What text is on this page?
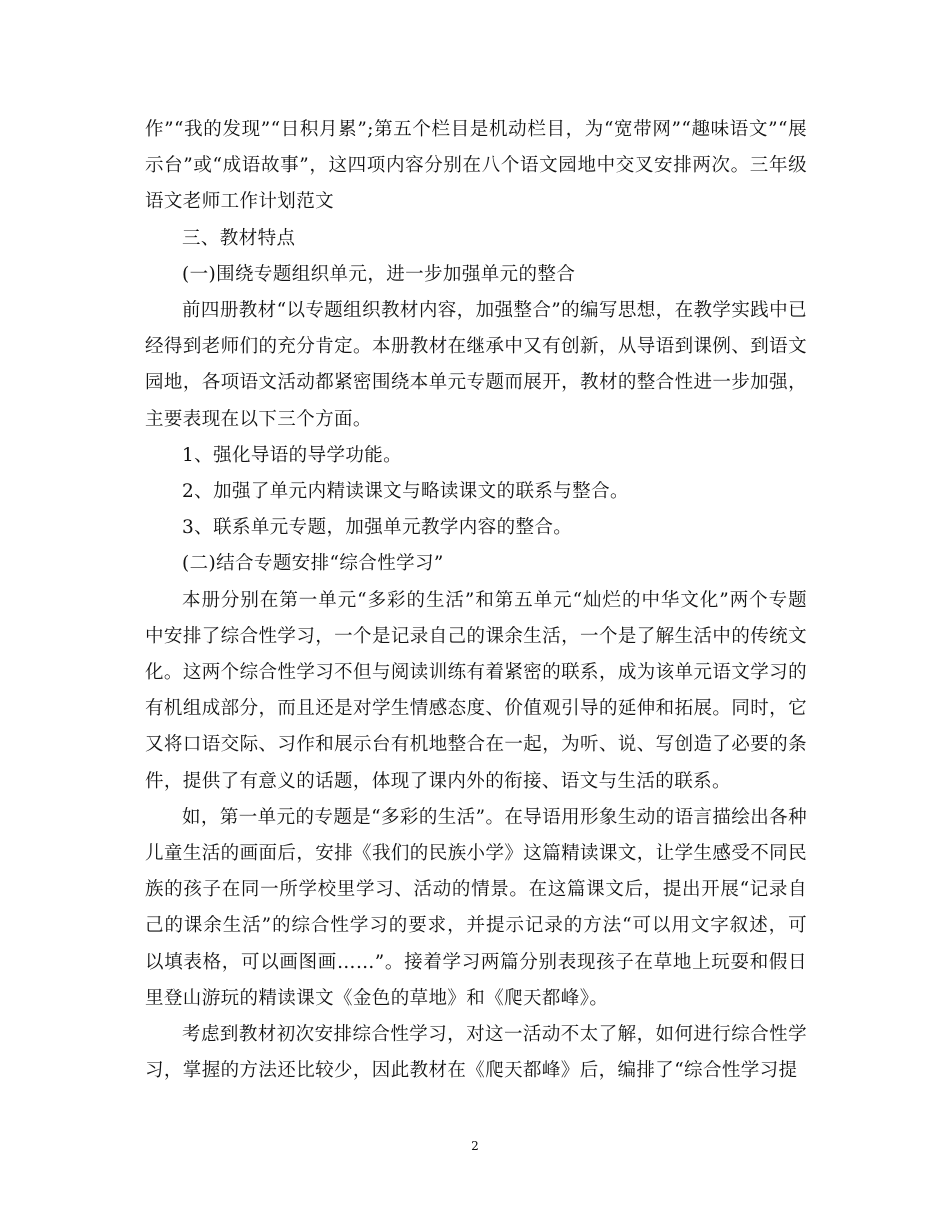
作”“我的发现”“日积月累”;第五个栏目是机动栏目，为“宽带网”“趣味语文”“展示台”或“成语故事”，这四项内容分别在八个语文园地中交叉安排两次。三年级语文老师工作计划范文

三、教材特点

(一)围绕专题组织单元，进一步加强单元的整合

前四册教材“以专题组织教材内容，加强整合”的编写思想，在教学实践中已经得到老师们的充分肯定。本册教材在继承中又有创新，从导语到课例、到语文园地，各项语文活动都紧密围绕本单元专题而展开，教材的整合性进一步加强，主要表现在以下三个方面。

1、强化导语的导学功能。

2、加强了单元内精读课文与略读课文的联系与整合。

3、联系单元专题，加强单元教学内容的整合。

(二)结合专题安排“综合性学习”

本册分别在第一单元“多彩的生活”和第五单元“灿烂的中华文化”两个专题中安排了综合性学习，一个是记录自己的课余生活，一个是了解生活中的传统文化。这两个综合性学习不但与阅读训练有着紧密的联系，成为该单元语文学习的有机组成部分，而且还是对学生情感态度、价值观引导的延伸和拓展。同时，它又将口语交际、习作和展示台有机地整合在一起，为听、说、写创造了必要的条件，提供了有意义的话题，体现了课内外的衔接、语文与生活的联系。

如，第一单元的专题是“多彩的生活”。在导语用形象生动的语言描绘出各种儿童生活的画面后，安排《我们的民族小学》这篇精读课文，让学生感受不同民族的孩子在同一所学校里学习、活动的情景。在这篇课文后，提出开展“记录自己的课余生活”的综合性学习的要求，并提示记录的方法“可以用文字叙述，可以填表格，可以画图画……”。接着学习两篇分别表现孩子在草地上玩耍和假日里登山游玩的精读课文《金色的草地》和《爬天都峰》。

考虑到教材初次安排综合性学习，对这一活动不太了解，如何进行综合性学习，掌握的方法还比较少，因此教材在《爬天都峰》后，编排了“综合性学习提

2
